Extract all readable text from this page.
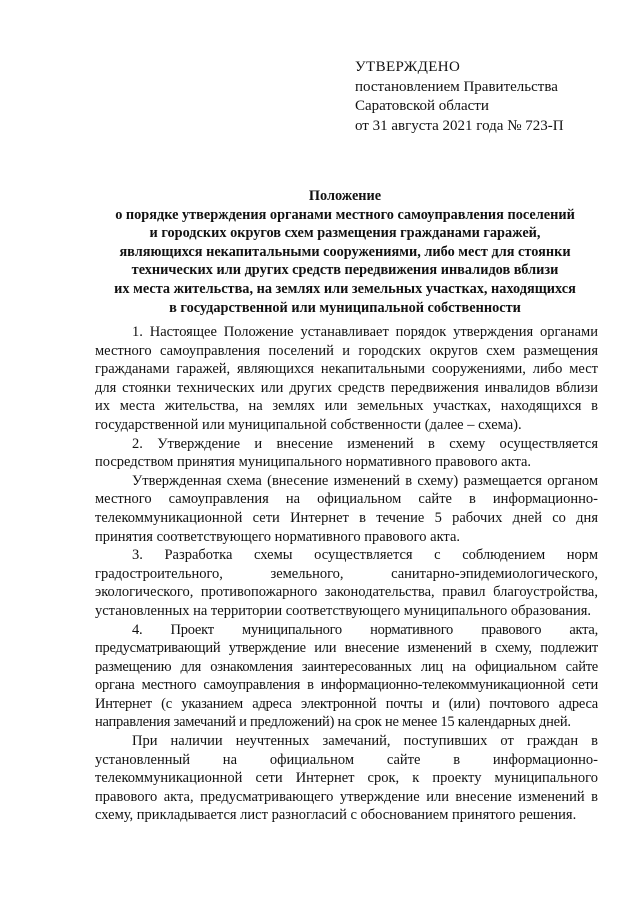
УТВЕРЖДЕНО
постановлением Правительства
Саратовской области
от 31 августа 2021 года № 723-П
Положение
о порядке утверждения органами местного самоуправления поселений
и городских округов схем размещения гражданами гаражей,
являющихся некапитальными сооружениями, либо мест для стоянки
технических или других средств передвижения инвалидов вблизи
их места жительства, на землях или земельных участках, находящихся
в государственной или муниципальной собственности

1. Настоящее Положение устанавливает порядок утверждения органами местного самоуправления поселений и городских округов схем размещения гражданами гаражей, являющихся некапитальными сооружениями, либо мест для стоянки технических или других средств передвижения инвалидов вблизи их места жительства, на землях или земельных участках, находящихся в государственной или муниципальной собственности (далее – схема).

2. Утверждение и внесение изменений в схему осуществляется посредством принятия муниципального нормативного правового акта.

Утвержденная схема (внесение изменений в схему) размещается органом местного самоуправления на официальном сайте в информационно-телекоммуникационной сети Интернет в течение 5 рабочих дней со дня принятия соответствующего нормативного правового акта.

3. Разработка схемы осуществляется с соблюдением норм градостроительного, земельного, санитарно-эпидемиологического, экологического, противопожарного законодательства, правил благоустройства, установленных на территории соответствующего муниципального образования.

4. Проект муниципального нормативного правового акта, предусматривающий утверждение или внесение изменений в схему, подлежит размещению для ознакомления заинтересованных лиц на официальном сайте органа местного самоуправления в информационно-телекоммуникационной сети Интернет (с указанием адреса электронной почты и (или) почтового адреса направления замечаний и предложений) на срок не менее 15 календарных дней.

При наличии неучтенных замечаний, поступивших от граждан в установленный на официальном сайте в информационно-телекоммуникационной сети Интернет срок, к проекту муниципального правового акта, предусматривающего утверждение или внесение изменений в схему, прикладывается лист разногласий с обоснованием принятого решения.
